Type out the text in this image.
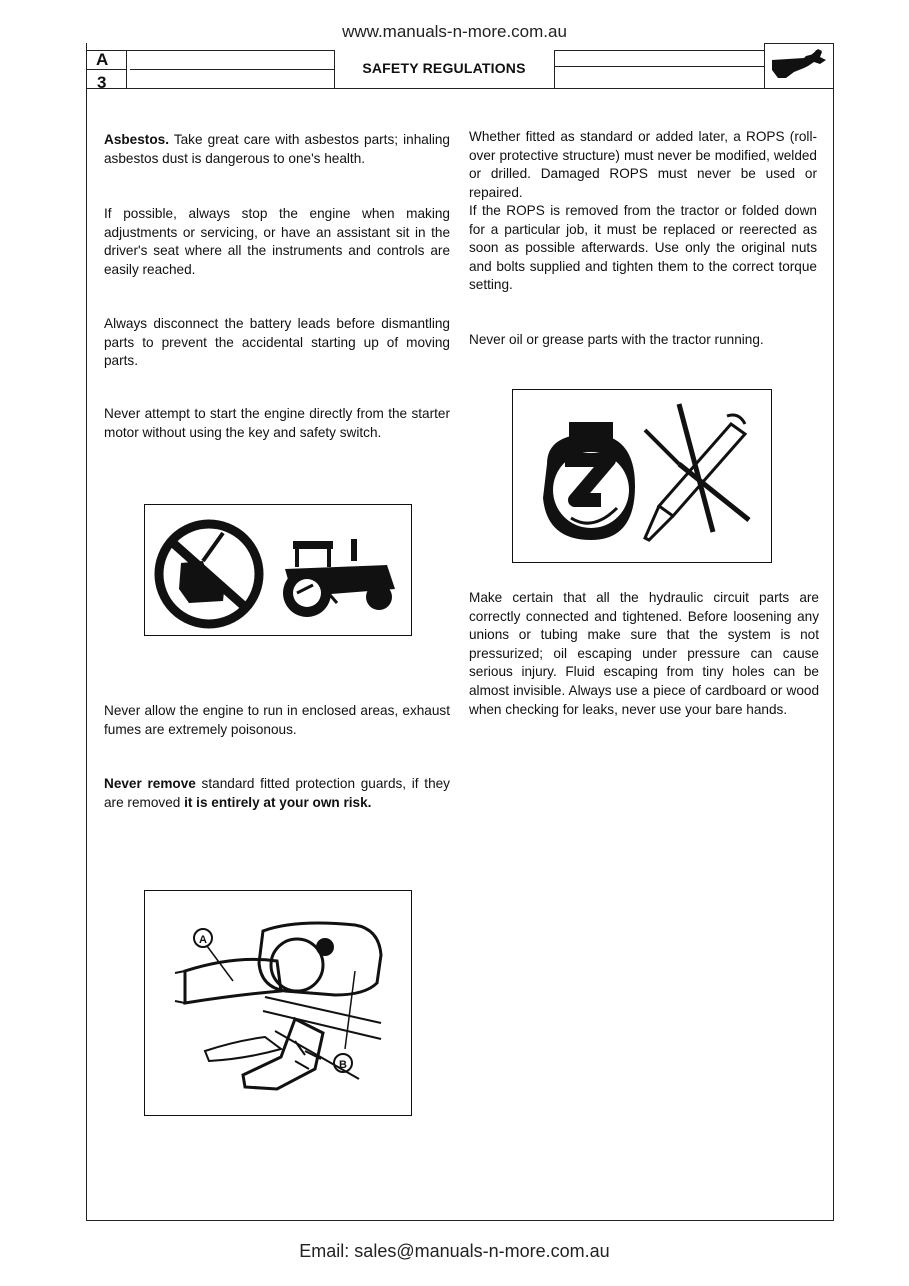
www.manuals-n-more.com.au
A
3
SAFETY REGULATIONS
Asbestos. Take great care with asbestos parts; inhaling asbestos dust is dangerous to one's health.
If possible, always stop the engine when making adjustments or servicing, or have an assistant sit in the driver's seat where all the instruments and controls are easily reached.
Always disconnect the battery leads before dismantling parts to prevent the accidental starting up of moving parts.
Never attempt to start the engine directly from the starter motor without using the key and safety switch.
Never allow the engine to run in enclosed areas, exhaust fumes are extremely poisonous.
Never remove standard fitted protection guards, if they are removed it is entirely at your own risk.
A
B
Whether fitted as standard or added later, a ROPS (roll-over protective structure) must never be modified, welded or drilled. Damaged ROPS must never be used or repaired.
If the ROPS is removed from the tractor or folded down for a particular job, it must be replaced or reerected as soon as possible afterwards. Use only the original nuts and bolts supplied and tighten them to the correct torque setting.
Never oil or grease parts with the tractor running.
Make certain that all the hydraulic circuit parts are correctly connected and tightened. Before loosening any unions or tubing make sure that the system is not pressurized; oil escaping under pressure can cause serious injury. Fluid escaping from tiny holes can be almost invisible. Always use a piece of cardboard or wood when checking for leaks, never use your bare hands.
Email: sales@manuals-n-more.com.au
